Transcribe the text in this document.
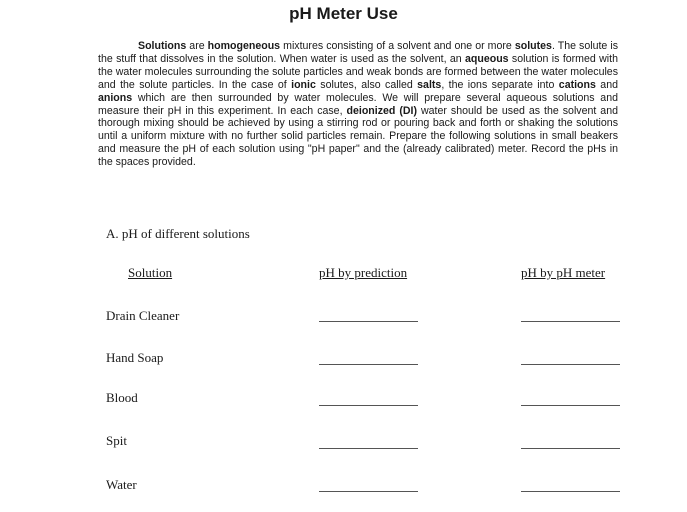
pH Meter Use

Solutions are homogeneous mixtures consisting of a solvent and one or more solutes. The solute is the stuff that dissolves in the solution. When water is used as the solvent, an aqueous solution is formed with the water molecules surrounding the solute particles and weak bonds are formed between the water molecules and the solute particles. In the case of ionic solutes, also called salts, the ions separate into cations and anions which are then surrounded by water molecules. We will prepare several aqueous solutions and measure their pH in this experiment. In each case, deionized (DI) water should be used as the solvent and thorough mixing should be achieved by using a stirring rod or pouring back and forth or shaking the solutions until a uniform mixture with no further solid particles remain. Prepare the following solutions in small beakers and measure the pH of each solution using "pH paper" and the (already calibrated) meter. Record the pHs in the spaces provided.

A. pH of different solutions
Solution	pH by prediction	pH by pH meter
Drain Cleaner
Hand Soap
Blood
Spit
Water
